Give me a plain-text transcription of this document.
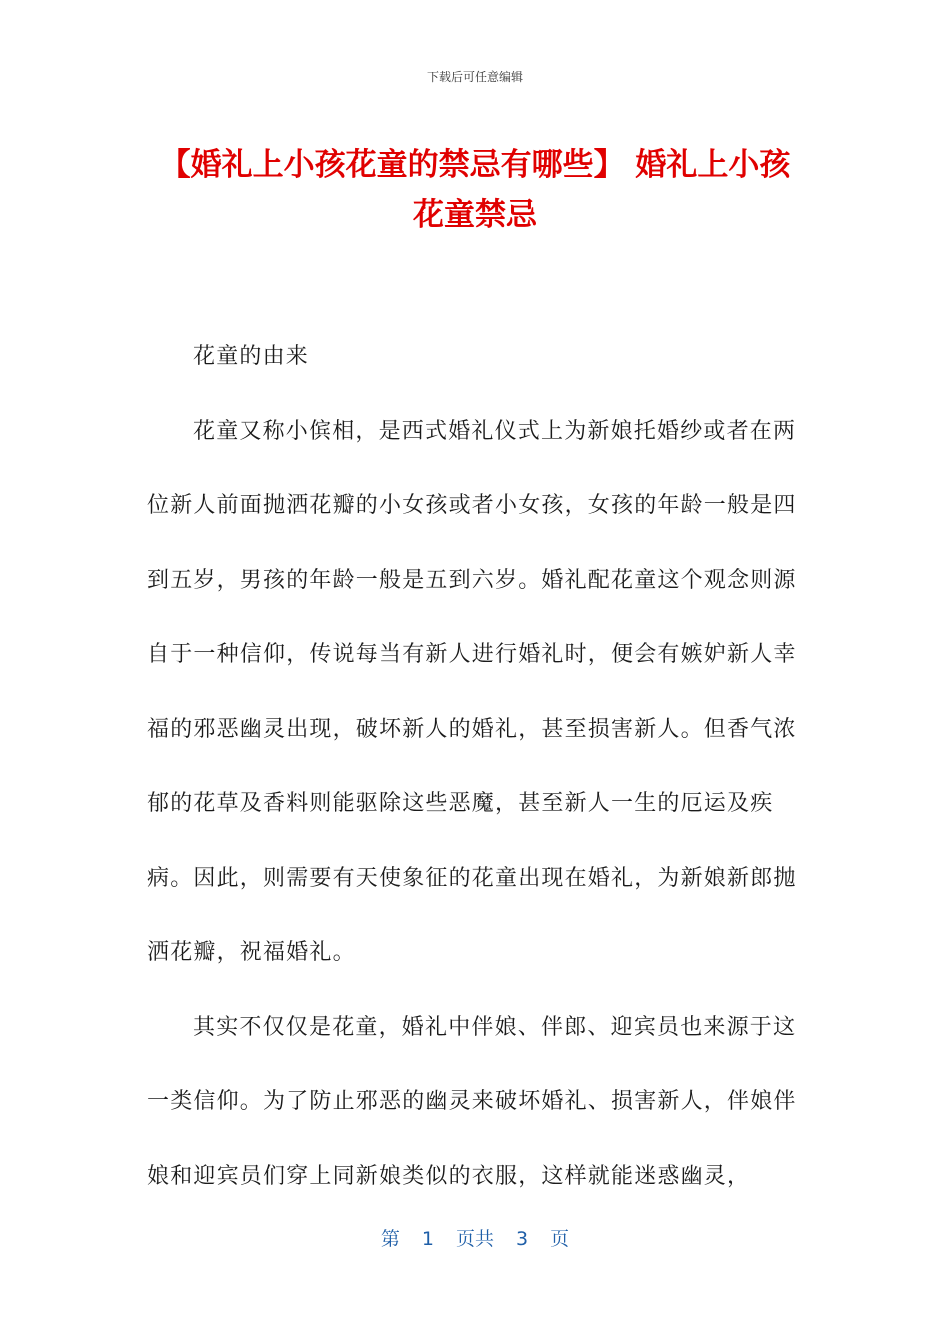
下载后可任意编辑
【婚礼上小孩花童的禁忌有哪些】 婚礼上小孩花童禁忌

花童的由来

花童又称小傧相，是西式婚礼仪式上为新娘托婚纱或者在两位新人前面抛洒花瓣的小女孩或者小女孩，女孩的年龄一般是四到五岁，男孩的年龄一般是五到六岁。婚礼配花童这个观念则源自于一种信仰，传说每当有新人进行婚礼时，便会有嫉妒新人幸福的邪恶幽灵出现，破坏新人的婚礼，甚至损害新人。但香气浓郁的花草及香料则能驱除这些恶魔，甚至新人一生的厄运及疾病。因此，则需要有天使象征的花童出现在婚礼，为新娘新郎抛洒花瓣，祝福婚礼。

其实不仅仅是花童，婚礼中伴娘、伴郎、迎宾员也来源于这一类信仰。为了防止邪恶的幽灵来破坏婚礼、损害新人，伴娘伴娘和迎宾员们穿上同新娘类似的衣服，这样就能迷惑幽灵，

第 1 页共 3 页
